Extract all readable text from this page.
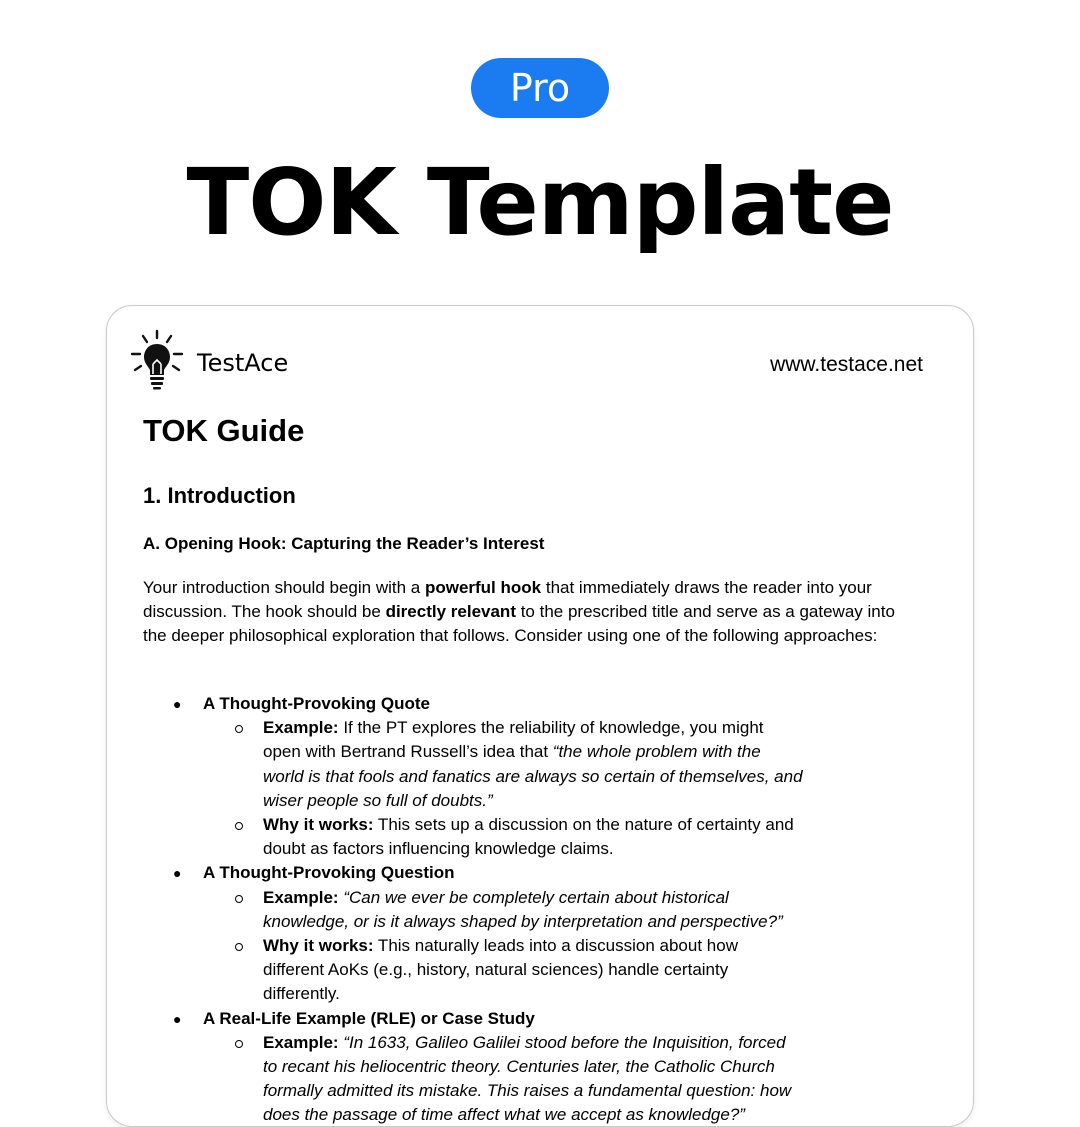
Pro
TOK Template
TestAce	www.testace.net
TOK Guide
1. Introduction
A. Opening Hook: Capturing the Reader’s Interest

Your introduction should begin with a powerful hook that immediately draws the reader into your discussion. The hook should be directly relevant to the prescribed title and serve as a gateway into the deeper philosophical exploration that follows. Consider using one of the following approaches:

● A Thought-Provoking Quote
Example: If the PT explores the reliability of knowledge, you might open with Bertrand Russell’s idea that “the whole problem with the world is that fools and fanatics are always so certain of themselves, and wiser people so full of doubts.”
Why it works: This sets up a discussion on the nature of certainty and doubt as factors influencing knowledge claims.
● A Thought-Provoking Question
Example: “Can we ever be completely certain about historical knowledge, or is it always shaped by interpretation and perspective?”
Why it works: This naturally leads into a discussion about how different AoKs (e.g., history, natural sciences) handle certainty differently.
● A Real-Life Example (RLE) or Case Study
Example: “In 1633, Galileo Galilei stood before the Inquisition, forced to recant his heliocentric theory. Centuries later, the Catholic Church formally admitted its mistake. This raises a fundamental question: how does the passage of time affect what we accept as knowledge?”
